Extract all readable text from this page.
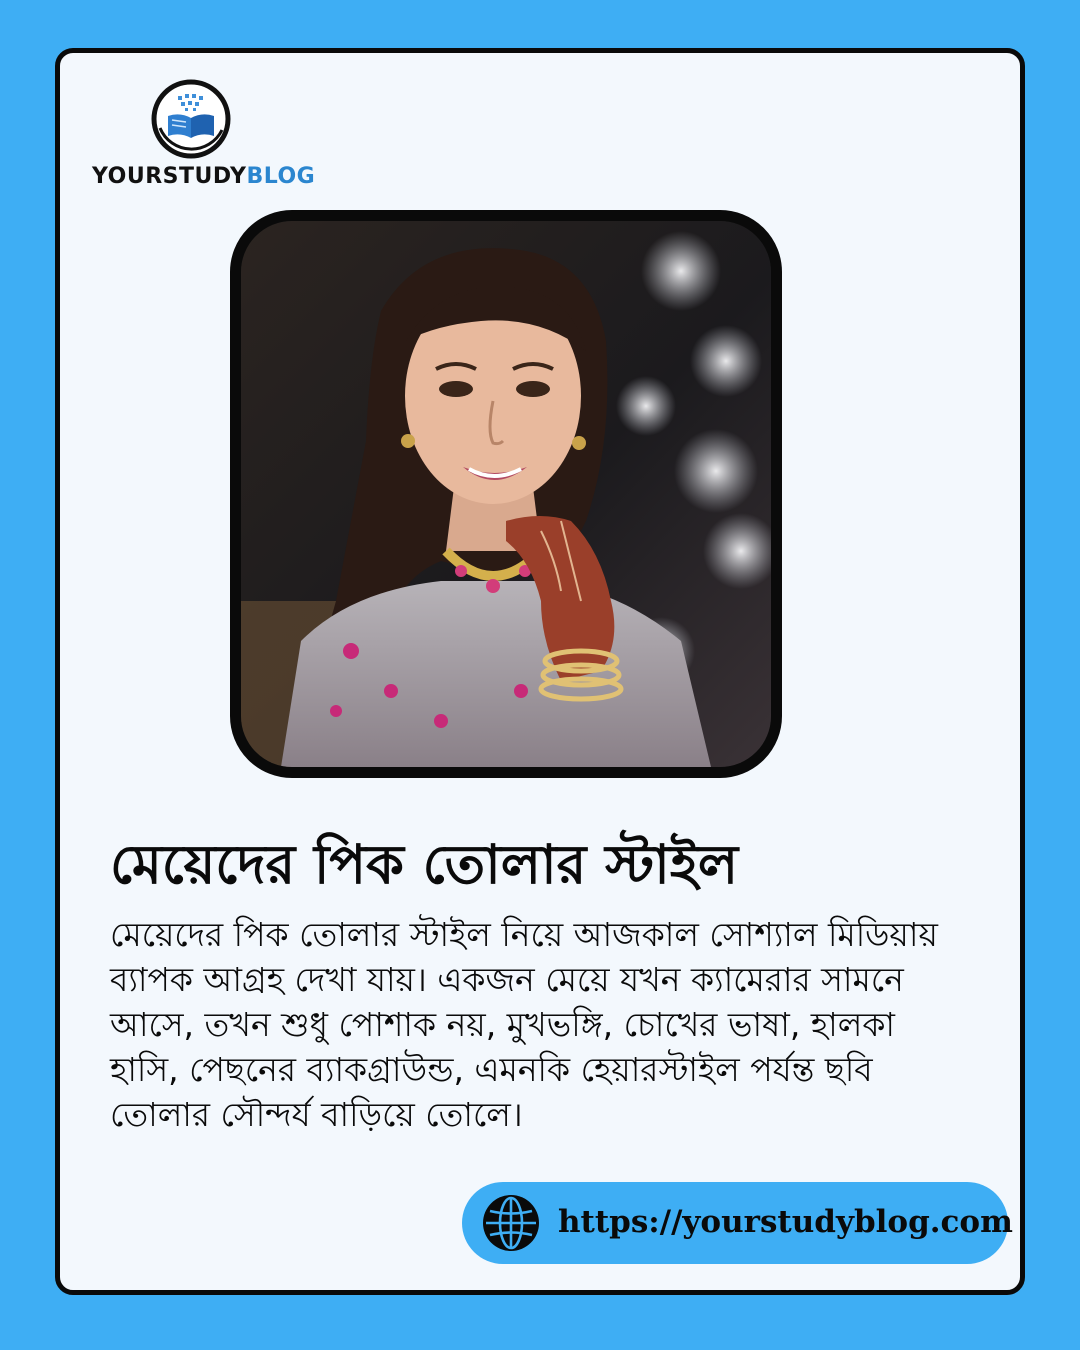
YOURSTUDYBLOG
মেয়েদের পিক তোলার স্টাইল
মেয়েদের পিক তোলার স্টাইল নিয়ে আজকাল সোশ্যাল মিডিয়ায় ব্যাপক আগ্রহ দেখা যায়। একজন মেয়ে যখন ক্যামেরার সামনে আসে, তখন শুধু পোশাক নয়, মুখভঙ্গি, চোখের ভাষা, হালকা হাসি, পেছনের ব্যাকগ্রাউন্ড, এমনকি হেয়ারস্টাইল পর্যন্ত ছবি তোলার সৌন্দর্য বাড়িয়ে তোলে।
https://yourstudyblog.com
